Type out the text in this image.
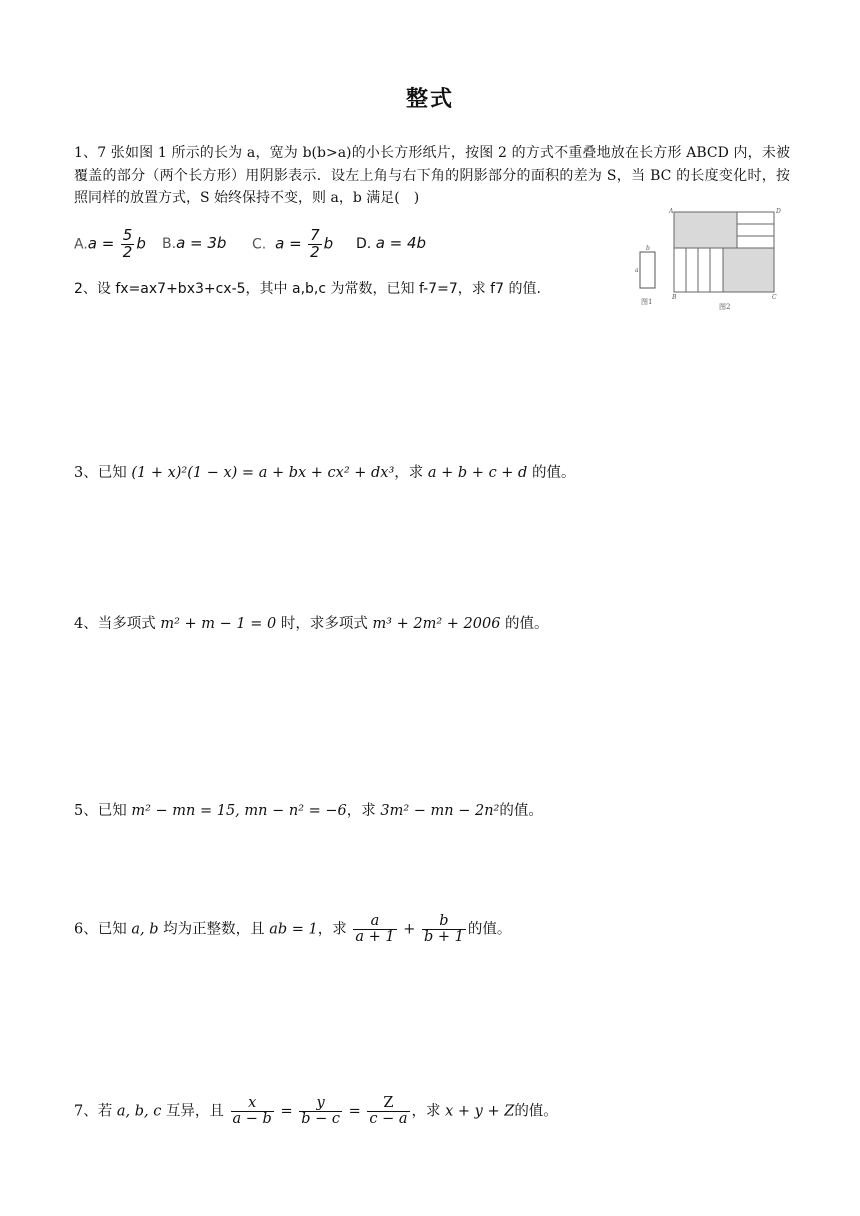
整式
1、7 张如图 1 所示的长为 a，宽为 b(b>a)的小长方形纸片，按图 2 的方式不重叠地放在长方形 ABCD 内，未被覆盖的部分（两个长方形）用阴影表示．设左上角与右下角的阴影部分的面积的差为 S，当 BC 的长度变化时，按照同样的放置方式，S 始终保持不变，则 a，b 满足(　)
$A.a = \frac{5}{2}$ b B.a = 3b C. $a = \frac{7}{2}$ b D. a = 4b	b
a
图1
A	D
B	C
图2
2、设 fx=ax7+bx3+cx-5，其中 a,b,c 为常数，已知 f-7=7，求 f7 的值.
3、已知 (1 + x)²(1 − x) = a + bx + cx² + dx³，求 a + b + c + d 的值。
4、当多项式 m² + m − 1 = 0 时，求多项式 m³ + 2m² + 2006 的值。
5、已知 m² − mn = 15, mn − n² = −6，求 3m² − mn − 2n²的值。
6、已知 a, b 均为正整数，且 ab = 1，求 $\frac{a}{a + 1} + \frac{b}{b + 1}$ 的值。
7、若 a, b, c 互异，且 $\frac{x}{a - b} = \frac{y}{b - c} = \frac{Z}{c - a}$ ，求 x + y + Z的值。
